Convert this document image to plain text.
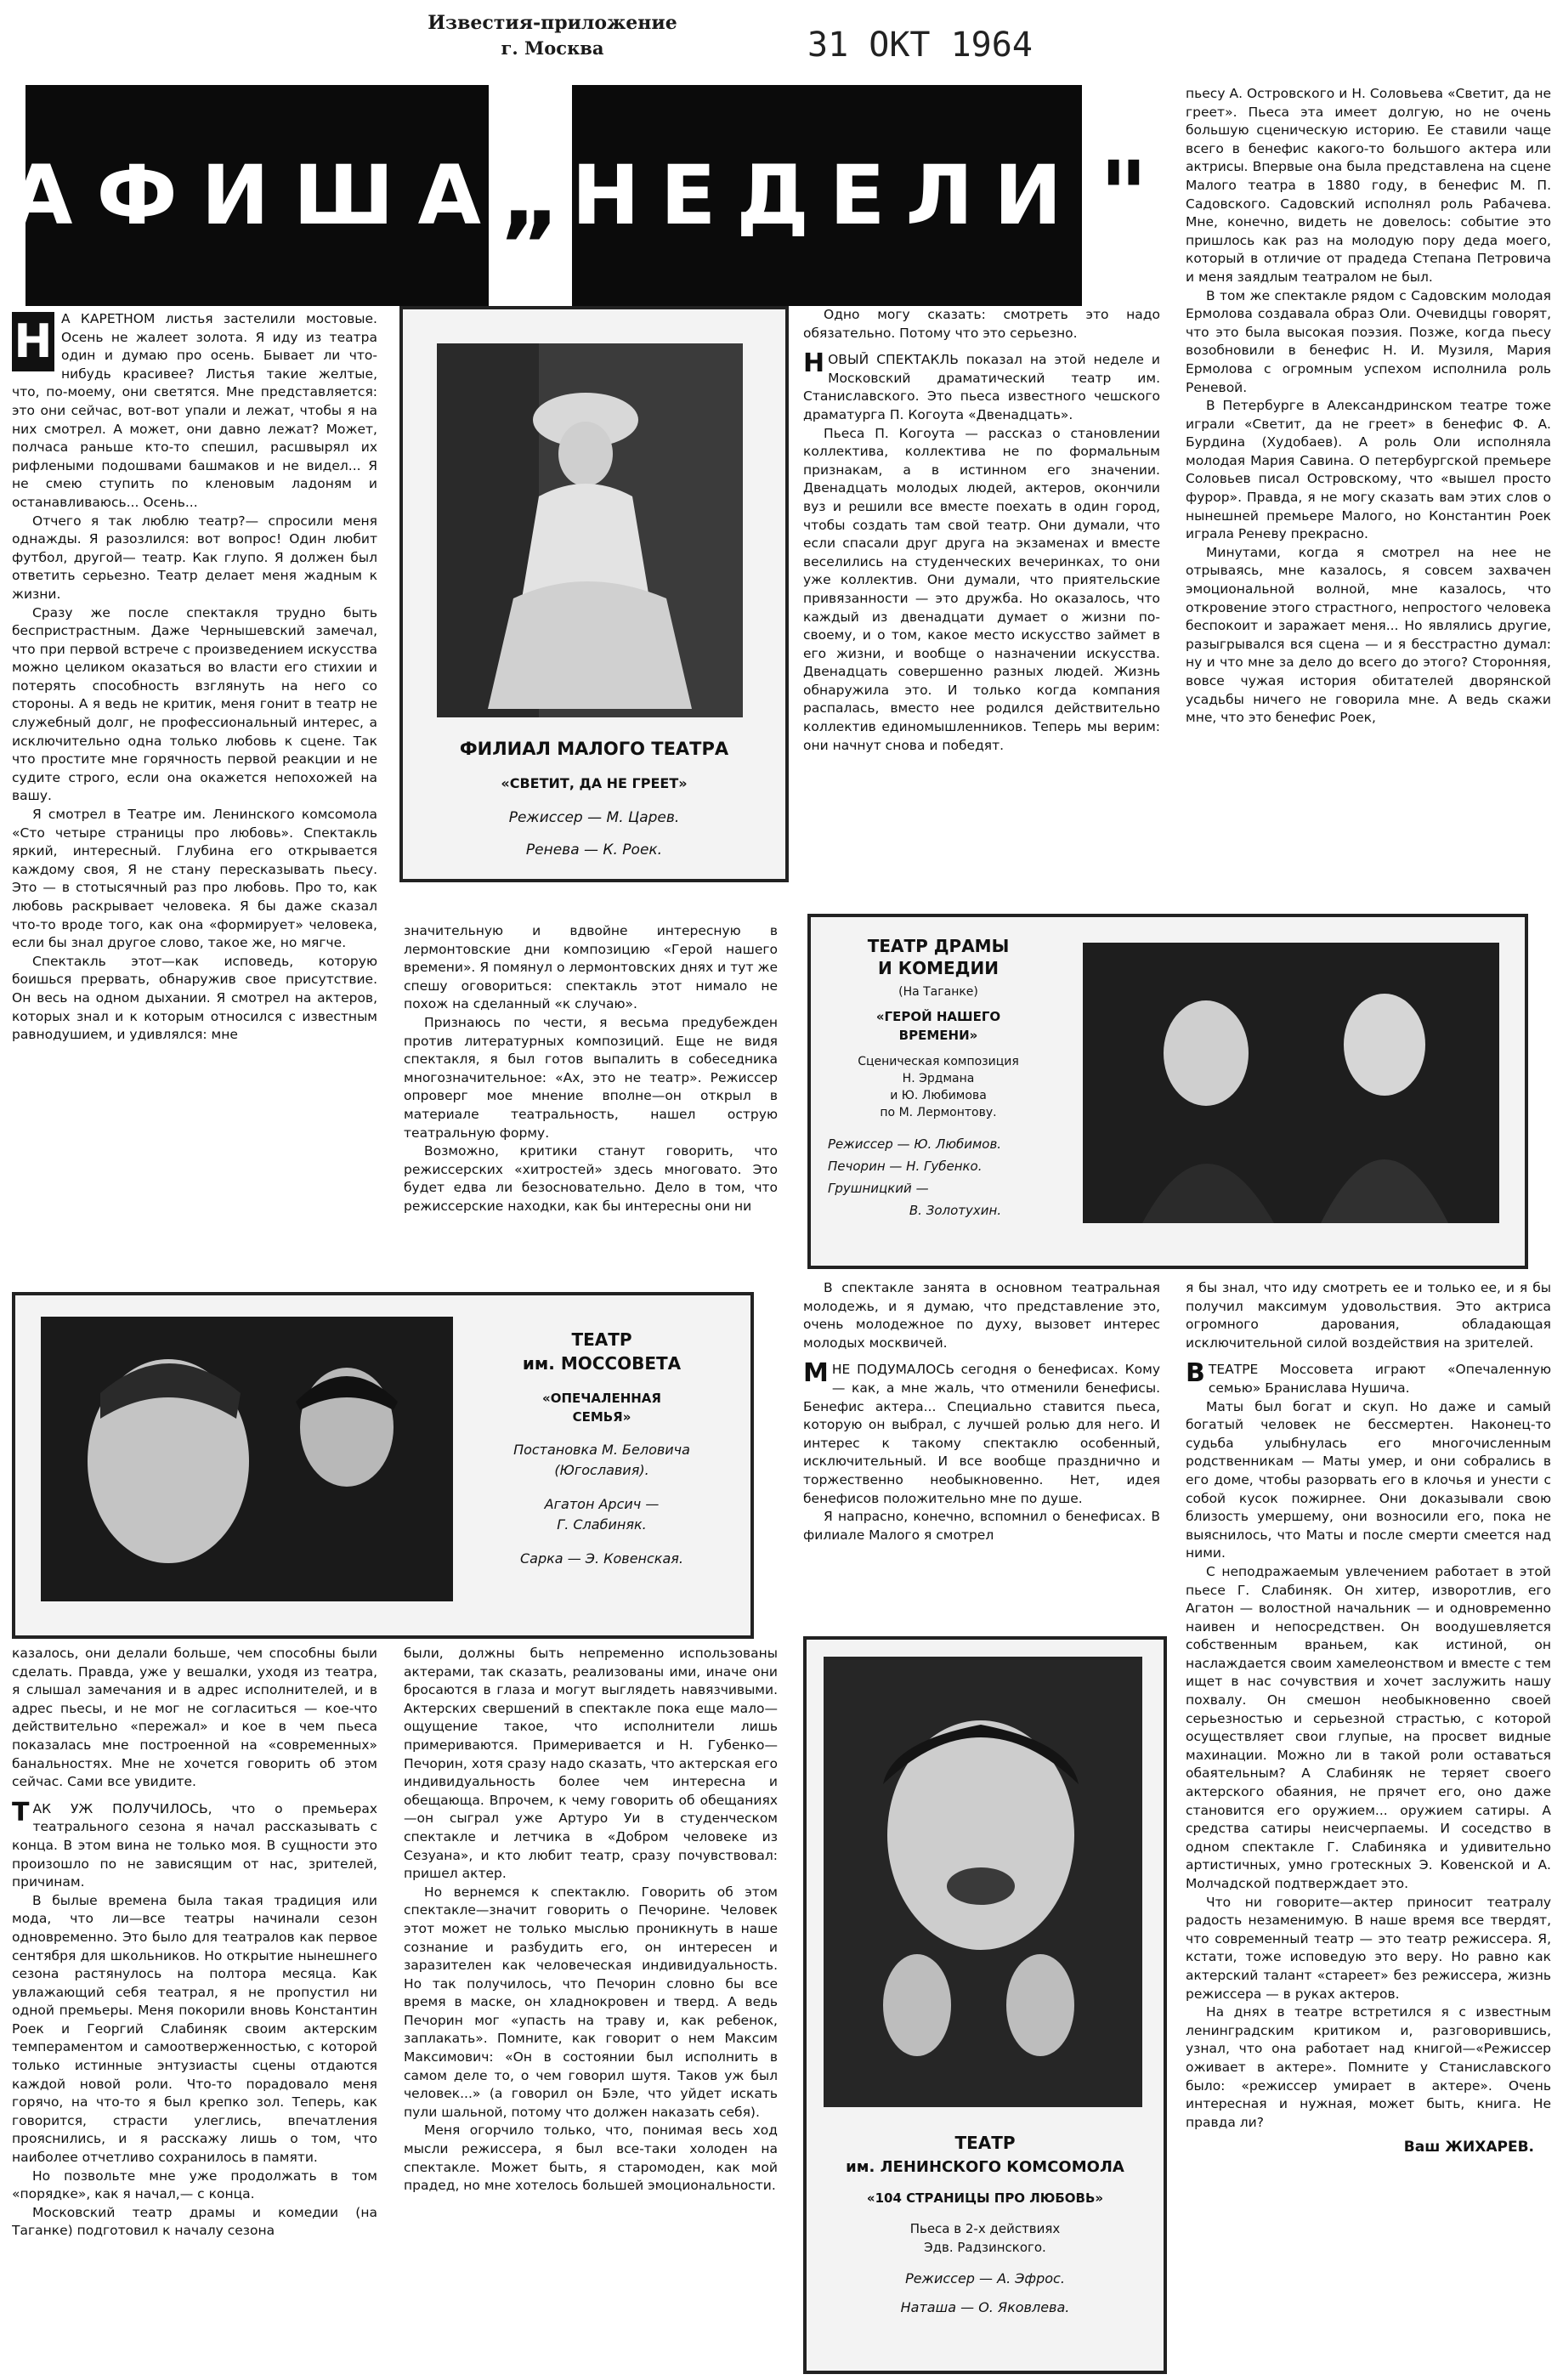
Известия-приложение
г. Москва	31 ОКТ 1964
АФИША
„ НЕДЕЛИ "

Н А КАРЕТНОМ листья застелили мостовые. Осень не жалеет золота. Я иду из театра один и думаю про осень. Бывает ли что-нибудь красивее? Листья такие желтые, что, по-моему, они светятся. Мне представляется: это они сейчас, вот-вот упали и лежат, чтобы я на них смотрел. А может, они давно лежат? Может, полчаса раньше кто-то спешил, расшвырял их рифлеными подошвами башмаков и не видел... Я не смею ступить по кленовым ладоням и останавливаюсь... Осень...

Отчего я так люблю театр?— спросили меня однажды. Я разозлился: вот вопрос! Один любит футбол, другой— театр. Как глупо. Я должен был ответить серьезно. Театр делает меня жадным к жизни.

Сразу же после спектакля трудно быть беспристрастным. Даже Чернышевский замечал, что при первой встрече с произведением искусства можно целиком оказаться во власти его стихии и потерять способность взглянуть на него со стороны. А я ведь не критик, меня гонит в театр не служебный долг, не профессиональный интерес, а исключительно одна только любовь к сцене. Так что простите мне горячность первой реакции и не судите строго, если она окажется непохожей на вашу.

Я смотрел в Театре им. Ленинского комсомола «Сто четыре страницы про любовь». Спектакль яркий, интересный. Глубина его открывается каждому своя, Я не стану пересказывать пьесу. Это — в стотысячный раз про любовь. Про то, как любовь раскрывает человека. Я бы даже сказал что-то вроде того, как она «формирует» человека, если бы знал другое слово, такое же, но мягче.

Спектакль этот—как исповедь, которую боишься прервать, обнаружив свое присутствие. Он весь на одном дыхании. Я смотрел на актеров, которых знал и к которым относился с известным равнодушием, и удивлялся: мне

ФИЛИАЛ МАЛОГО ТЕАТРА
«СВЕТИТ, ДА НЕ ГРЕЕТ»
Режиссер — М. Царев.
Ренева — К. Роек.

Одно могу сказать: смотреть это надо обязательно. Потому что это серьезно.

НОВЫЙ СПЕКТАКЛЬ показал на этой неделе и Московский драматический театр им. Станиславского. Это пьеса известного чешского драматурга П. Когоута «Двенадцать».

Пьеса П. Когоута — рассказ о становлении коллектива, коллектива не по формальным признакам, а в истинном его значении. Двенадцать молодых людей, актеров, окончили вуз и решили все вместе поехать в один город, чтобы создать там свой театр. Они думали, что если спасали друг друга на экзаменах и вместе веселились на студенческих вечеринках, то они уже коллектив. Они думали, что приятельские привязанности — это дружба. Но оказалось, что каждый из двенадцати думает о жизни по-своему, и о том, какое место искусство займет в его жизни, и вообще о назначении искусства. Двенадцать совершенно разных людей. Жизнь обнаружила это. И только когда компания распалась, вместо нее родился действительно коллектив единомышленников. Теперь мы верим: они начнут снова и победят.

пьесу А. Островского и Н. Соловьева «Светит, да не греет». Пьеса эта имеет долгую, но не очень большую сценическую историю. Ее ставили чаще всего в бенефис какого-то большого актера или актрисы. Впервые она была представлена на сцене Малого театра в 1880 году, в бенефис М. П. Садовского. Садовский исполнял роль Рабачева. Мне, конечно, видеть не довелось: событие это пришлось как раз на молодую пору деда моего, который в отличие от прадеда Степана Петровича и меня заядлым театралом не был.

В том же спектакле рядом с Садовским молодая Ермолова создавала образ Оли. Очевидцы говорят, что это была высокая поэзия. Позже, когда пьесу возобновили в бенефис Н. И. Музиля, Мария Ермолова с огромным успехом исполнила роль Реневой.

В Петербурге в Александринском театре тоже играли «Светит, да не греет» в бенефис Ф. А. Бурдина (Худобаев). А роль Оли исполняла молодая Мария Савина. О петербургской премьере Соловьев писал Островскому, что «вышел просто фурор». Правда, я не могу сказать вам этих слов о нынешней премьере Малого, но Константин Роек играла Реневу прекрасно.

Минутами, когда я смотрел на нее не отрываясь, мне казалось, я совсем захвачен эмоциональной волной, мне казалось, что откровение этого страстного, непростого человека беспокоит и заражает меня... Но являлись другие, разыгрывался вся сцена — и я бесстрастно думал: ну и что мне за дело до всего до этого? Сторонняя, вовсе чужая история обитателей дворянской усадьбы ничего не говорила мне. А ведь скажи мне, что это бенефис Роек,

значительную и вдвойне интересную в лермонтовские дни композицию «Герой нашего времени». Я помянул о лермонтовских днях и тут же спешу оговориться: спектакль этот нимало не похож на сделанный «к случаю».

Признаюсь по чести, я весьма предубежден против литературных композиций. Еще не видя спектакля, я был готов выпалить в собеседника многозначительное: «Ах, это не театр». Режиссер опроверг мое мнение вполне—он открыл в материале театральность, нашел острую театральную форму.

Возможно, критики станут говорить, что режиссерских «хитростей» здесь многовато. Это будет едва ли безосновательно. Дело в том, что режиссерские находки, как бы интересны они ни

ТЕАТР ДРАМЫ
И КОМЕДИИ
(На Таганке)
«ГЕРОЙ НАШЕГО
ВРЕМЕНИ»
Сценическая композиция
Н. Эрдмана
и Ю. Любимова
по М. Лермонтову.
Режиссер — Ю. Любимов.
Печорин — Н. Губенко.
Грушницкий —
В. Золотухин.
ТЕАТР
им. МОССОВЕТА
«ОПЕЧАЛЕННАЯ
СЕМЬЯ»
Постановка М. Беловича
(Югославия).
Агатон Арсич —
Г. Слабиняк.
Сарка — Э. Ковенская.

В спектакле занята в основном театральная молодежь, и я думаю, что представление это, очень молодежное по духу, вызовет интерес молодых москвичей.

МНЕ ПОДУМАЛОСЬ сегодня о бенефисах. Кому — как, а мне жаль, что отменили бенефисы. Бенефис актера... Специально ставится пьеса, которую он выбрал, с лучшей ролью для него. И интерес к такому спектаклю особенный, исключительный. И все вообще празднично и торжественно необыкновенно. Нет, идея бенефисов положительно мне по душе.

Я напрасно, конечно, вспомнил о бенефисах. В филиале Малого я смотрел

я бы знал, что иду смотреть ее и только ее, и я бы получил максимум удовольствия. Это актриса огромного дарования, обладающая исключительной силой воздействия на зрителей.

ВТЕАТРЕ Моссовета играют «Опечаленную семью» Бранислава Нушича.

Маты был богат и скуп. Но даже и самый богатый человек не бессмертен. Наконец-то судьба улыбнулась его многочисленным родственникам — Маты умер, и они собрались в его доме, чтобы разорвать его в клочья и унести с собой кусок пожирнее. Они доказывали свою близость умершему, они возносили его, пока не выяснилось, что Маты и после смерти смеется над ними.

С неподражаемым увлечением работает в этой пьесе Г. Слабиняк. Он хитер, изворотлив, его Агатон — волостной начальник — и одновременно наивен и непосредствен. Он воодушевляется собственным враньем, как истиной, он наслаждается своим хамелеонством и вместе с тем ищет в нас сочувствия и хочет заслужить нашу похвалу. Он смешон необыкновенно своей серьезностью и серьезной страстью, с которой осуществляет свои глупые, на просвет видные махинации. Можно ли в такой роли оставаться обаятельным? А Слабиняк не теряет своего актерского обаяния, не прячет его, оно даже становится его оружием... оружием сатиры. А средства сатиры неисчерпаемы. И соседство в одном спектакле Г. Слабиняка и удивительно артистичных, умно гротескных Э. Ковенской и А. Молчадской подтверждает это.

Что ни говорите—актер приносит театралу радость незаменимую. В наше время все твердят, что современный театр — это театр режиссера. Я, кстати, тоже исповедую это веру. Но равно как актерский талант «стареет» без режиссера, жизнь режиссера — в руках актеров.

На днях в театре встретился я с известным ленинградским критиком и, разговорившись, узнал, что она работает над книгой—«Режиссер оживает в актере». Помните у Станиславского было: «режиссер умирает в актере». Очень интересная и нужная, может быть, книга. Не правда ли?

Ваш ЖИХАРЕВ.

казалось, они делали больше, чем способны были сделать. Правда, уже у вешалки, уходя из театра, я слышал замечания и в адрес исполнителей, и в адрес пьесы, и не мог не согласиться — кое-что действительно «пережал» и кое в чем пьеса показалась мне построенной на «современных» банальностях. Мне не хочется говорить об этом сейчас. Сами все увидите.

ТАК УЖ ПОЛУЧИЛОСЬ, что о премьерах театрального сезона я начал рассказывать с конца. В этом вина не только моя. В сущности это произошло по не зависящим от нас, зрителей, причинам.

В былые времена была такая традиция или мода, что ли—все театры начинали сезон одновременно. Это было для театралов как первое сентября для школьников. Но открытие нынешнего сезона растянулось на полтора месяца. Как увлажающий себя театрал, я не пропустил ни одной премьеры. Меня покорили вновь Константин Роек и Георгий Слабиняк своим актерским темпераментом и самоотверженностью, с которой только истинные энтузиасты сцены отдаются каждой новой роли. Что-то порадовало меня горячо, на что-то я был крепко зол. Теперь, как говорится, страсти улеглись, впечатления прояснились, и я расскажу лишь о том, что наиболее отчетливо сохранилось в памяти.

Но позвольте мне уже продолжать в том «порядке», как я начал,— с конца.

Московский театр драмы и комедии (на Таганке) подготовил к началу сезона

были, должны быть непременно использованы актерами, так сказать, реализованы ими, иначе они бросаются в глаза и могут выглядеть навязчивыми. Актерских свершений в спектакле пока еще мало—ощущение такое, что исполнители лишь примериваются. Примеривается и Н. Губенко—Печорин, хотя сразу надо сказать, что актерская его индивидуальность более чем интересна и обещающа. Впрочем, к чему говорить об обещаниях—он сыграл уже Артуро Уи в студенческом спектакле и летчика в «Добром человеке из Сезуана», и кто любит театр, сразу почувствовал: пришел актер.

Но вернемся к спектаклю. Говорить об этом спектакле—значит говорить о Печорине. Человек этот может не только мыслью проникнуть в наше сознание и разбудить его, он интересен и заразителен как человеческая индивидуальность. Но так получилось, что Печорин словно бы все время в маске, он хладнокровен и тверд. А ведь Печорин мог «упасть на траву и, как ребенок, заплакать». Помните, как говорит о нем Максим Максимович: «Он в состоянии был исполнить в самом деле то, о чем говорил шутя. Таков уж был человек...» (а говорил он Бэле, что уйдет искать пули шальной, потому что должен наказать себя).

Меня огорчило только, что, понимая весь ход мысли режиссера, я был все-таки холоден на спектакле. Может быть, я старомоден, как мой прадед, но мне хотелось большей эмоциональности.

ТЕАТР
им. ЛЕНИНСКОГО КОМСОМОЛА
«104 СТРАНИЦЫ ПРО ЛЮБОВЬ»
Пьеса в 2-х действиях
Эдв. Радзинского.
Режиссер — А. Эфрос.
Наташа — О. Яковлева.
